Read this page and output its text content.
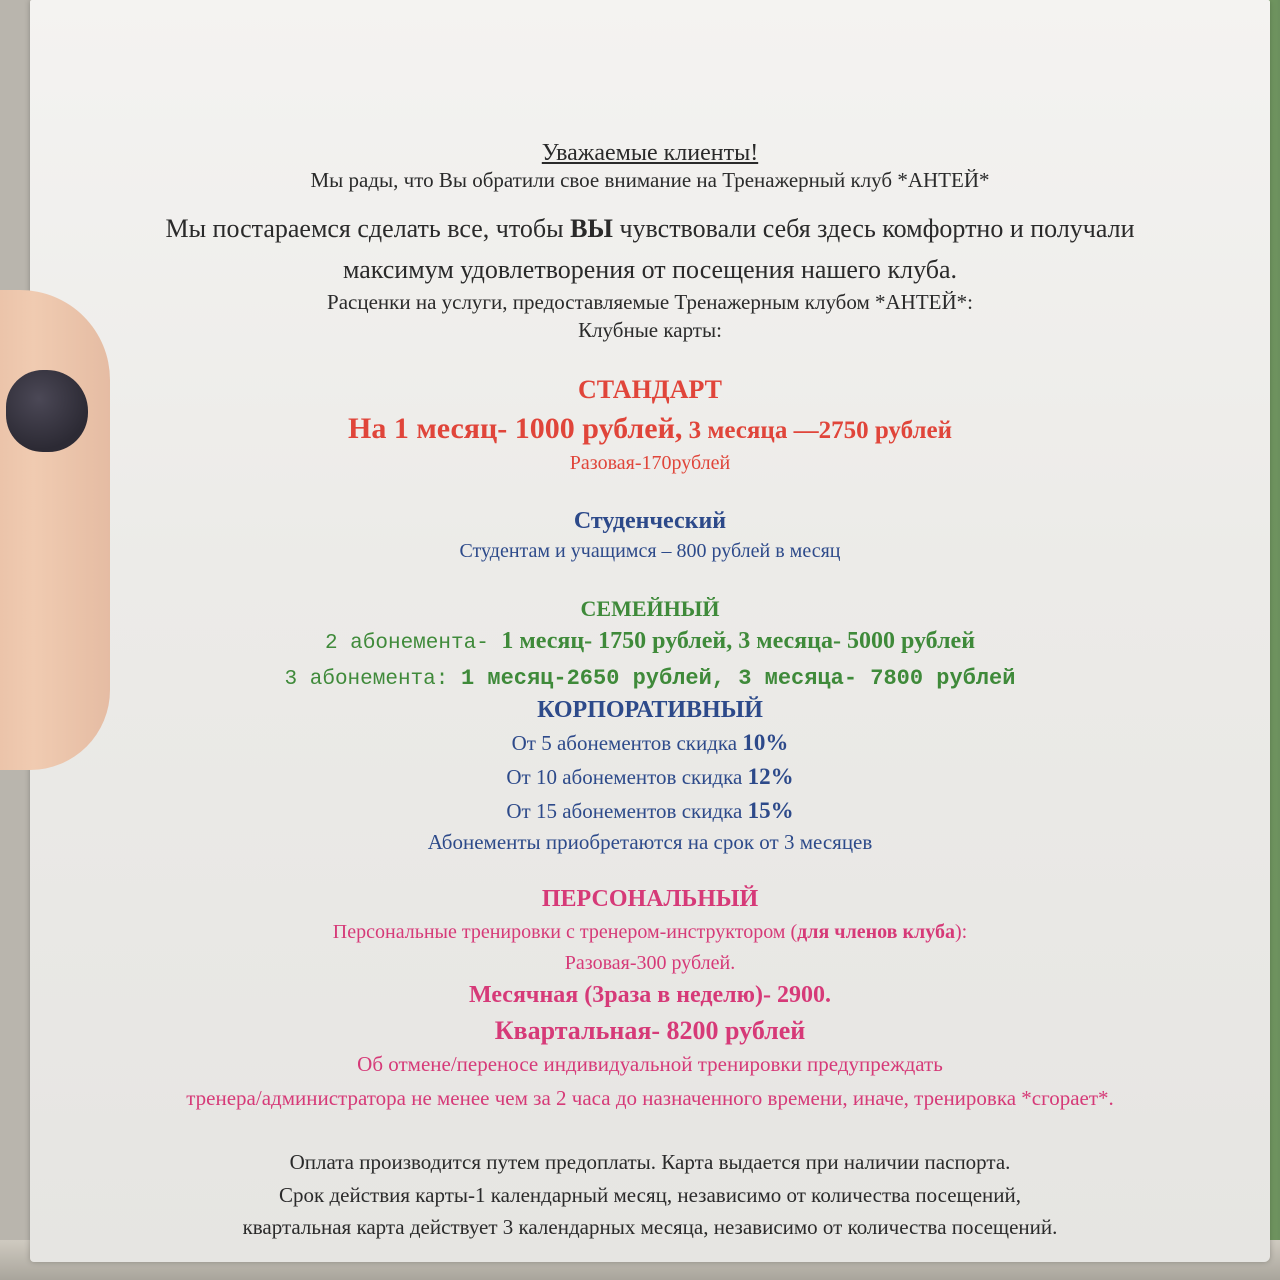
Уважаемые клиенты!
Мы рады, что Вы обратили свое внимание на Тренажерный клуб *АНТЕЙ*
Мы постараемся сделать все, чтобы ВЫ чувствовали себя здесь комфортно и получали
максимум удовлетворения от посещения нашего клуба.
Расценки на услуги, предоставляемые Тренажерным клубом *АНТЕЙ*:
Клубные карты:
СТАНДАРТ
На 1 месяц- 1000 рублей, 3 месяца —2750 рублей
Разовая-170рублей
Студенческий
Студентам и учащимся – 800 рублей в месяц
СЕМЕЙНЫЙ
2 абонемента- 1 месяц- 1750 рублей, 3 месяца- 5000 рублей
3 абонемента: 1 месяц-2650 рублей, 3 месяца- 7800 рублей
КОРПОРАТИВНЫЙ
От 5 абонементов скидка 10%
От 10 абонементов скидка 12%
От 15 абонементов скидка 15%
Абонементы приобретаются на срок от 3 месяцев
ПЕРСОНАЛЬНЫЙ
Персональные тренировки с тренером-инструктором (для членов клуба):
Разовая-300 рублей.
Месячная (3раза в неделю)- 2900.
Квартальная- 8200 рублей
Об отмене/переносе индивидуальной тренировки предупреждать
тренера/администратора не менее чем за 2 часа до назначенного времени, иначе, тренировка *сгорает*.
Оплата производится путем предоплаты. Карта выдается при наличии паспорта.
Срок действия карты-1 календарный месяц, независимо от количества посещений,
квартальная карта действует 3 календарных месяца, независимо от количества посещений.
